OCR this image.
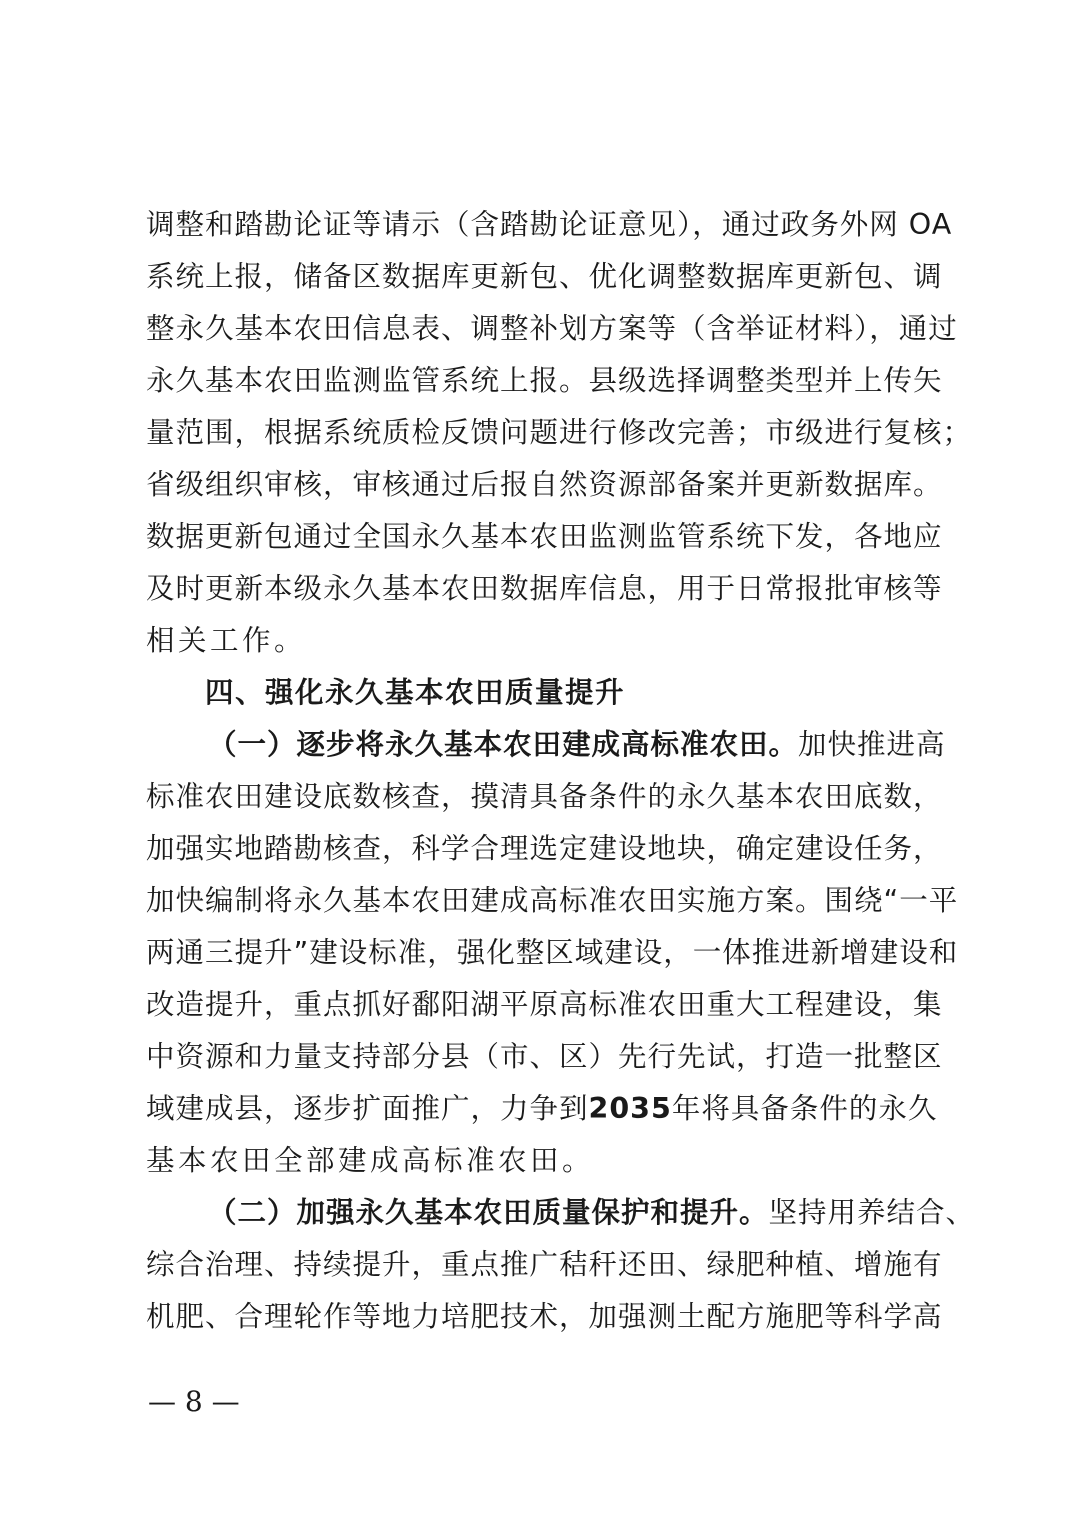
调整和踏勘论证等请示（含踏勘论证意见），通过政务外网 OA
系统上报，储备区数据库更新包、优化调整数据库更新包、调
整永久基本农田信息表、调整补划方案等（含举证材料），通过
永久基本农田监测监管系统上报。县级选择调整类型并上传矢
量范围，根据系统质检反馈问题进行修改完善；市级进行复核；
省级组织审核，审核通过后报自然资源部备案并更新数据库。
数据更新包通过全国永久基本农田监测监管系统下发，各地应
及时更新本级永久基本农田数据库信息，用于日常报批审核等
相关工作。
四、强化永久基本农田质量提升
（一）逐步将永久基本农田建成高标准农田。加快推进高
标准农田建设底数核查，摸清具备条件的永久基本农田底数，
加强实地踏勘核查，科学合理选定建设地块，确定建设任务，
加快编制将永久基本农田建成高标准农田实施方案。围绕“一平
两通三提升”建设标准，强化整区域建设，一体推进新增建设和
改造提升，重点抓好鄱阳湖平原高标准农田重大工程建设，集
中资源和力量支持部分县（市、区）先行先试，打造一批整区
域建成县，逐步扩面推广，力争到2035年将具备条件的永久
基本农田全部建成高标准农田。
（二）加强永久基本农田质量保护和提升。坚持用养结合、
综合治理、持续提升，重点推广秸秆还田、绿肥种植、增施有
机肥、合理轮作等地力培肥技术，加强测土配方施肥等科学高
— 8 —
